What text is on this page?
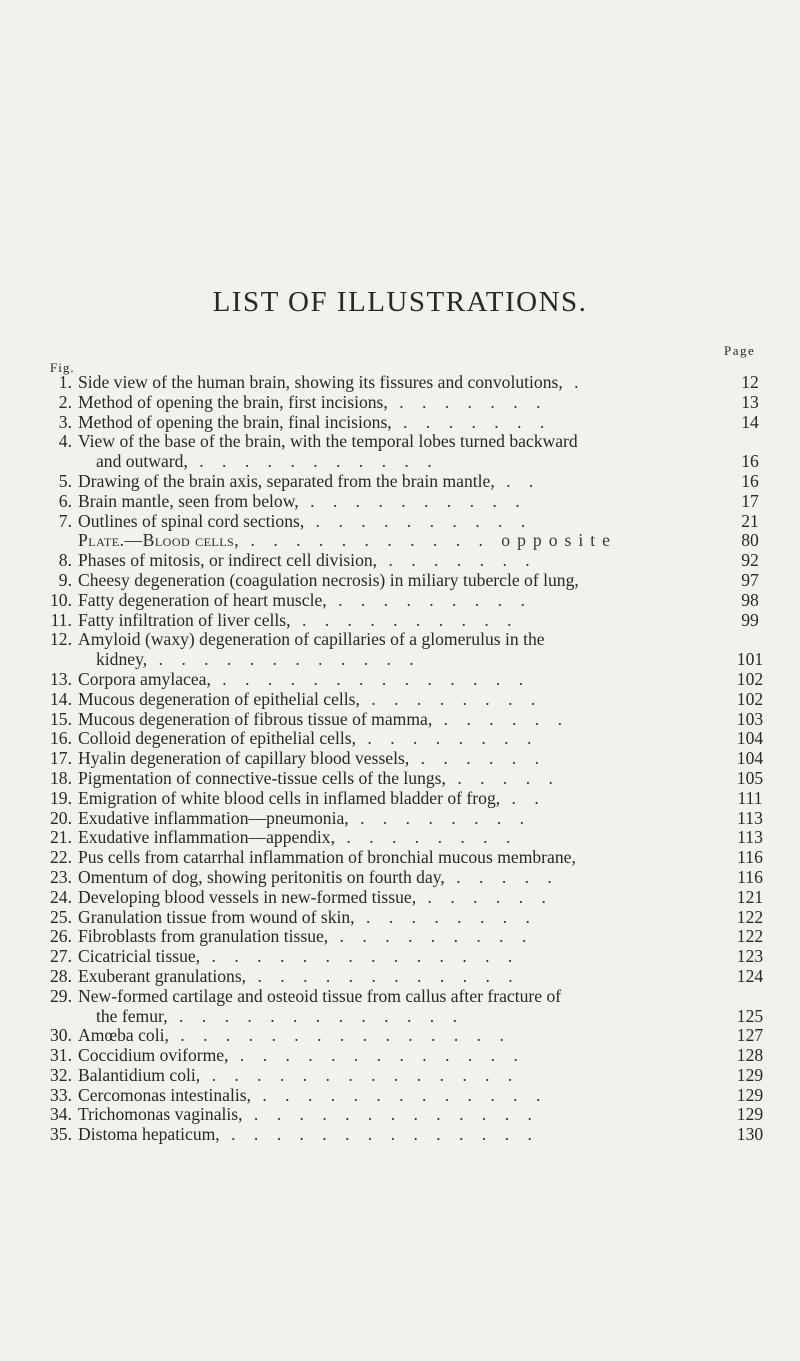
LIST OF ILLUSTRATIONS.
Page
Fig.
1. Side view of the human brain, showing its fissures and convolutions, .	12
2. Method of opening the brain, first incisions, . . . . . . .	13
3. Method of opening the brain, final incisions, . . . . . . .	14
4. View of the base of the brain, with the temporal lobes turned backward
and outward, . . . . . . . . . . .	16
5. Drawing of the brain axis, separated from the brain mantle, . .	16
6. Brain mantle, seen from below, . . . . . . . . . .	17
7. Outlines of spinal cord sections, . . . . . . . . . .	21
Plate.—Blood cells, . . . . . . . . . . . opposite	80
8. Phases of mitosis, or indirect cell division, . . . . . . .	92
9. Cheesy degeneration (coagulation necrosis) in miliary tubercle of lung,	97
10. Fatty degeneration of heart muscle, . . . . . . . . .	98
11. Fatty infiltration of liver cells, . . . . . . . . . .	99
12. Amyloid (waxy) degeneration of capillaries of a glomerulus in the
kidney, . . . . . . . . . . . .	101
13. Corpora amylacea, . . . . . . . . . . . . . .	102
14. Mucous degeneration of epithelial cells, . . . . . . . .	102
15. Mucous degeneration of fibrous tissue of mamma, . . . . . .	103
16. Colloid degeneration of epithelial cells, . . . . . . . .	104
17. Hyalin degeneration of capillary blood vessels, . . . . . .	104
18. Pigmentation of connective-tissue cells of the lungs, . . . . .	105
19. Emigration of white blood cells in inflamed bladder of frog, . .	111
20. Exudative inflammation—pneumonia, . . . . . . . .	113
21. Exudative inflammation—appendix, . . . . . . . .	113
22. Pus cells from catarrhal inflammation of bronchial mucous membrane,	116
23. Omentum of dog, showing peritonitis on fourth day, . . . . .	116
24. Developing blood vessels in new-formed tissue, . . . . . .	121
25. Granulation tissue from wound of skin, . . . . . . . .	122
26. Fibroblasts from granulation tissue, . . . . . . . . .	122
27. Cicatricial tissue, . . . . . . . . . . . . . .	123
28. Exuberant granulations, . . . . . . . . . . . .	124
29. New-formed cartilage and osteoid tissue from callus after fracture of
the femur, . . . . . . . . . . . . .	125
30. Amœba coli, . . . . . . . . . . . . . . .	127
31. Coccidium oviforme, . . . . . . . . . . . . .	128
32. Balantidium coli, . . . . . . . . . . . . . .	129
33. Cercomonas intestinalis, . . . . . . . . . . . . .	129
34. Trichomonas vaginalis, . . . . . . . . . . . . .	129
35. Distoma hepaticum, . . . . . . . . . . . . . .	130
